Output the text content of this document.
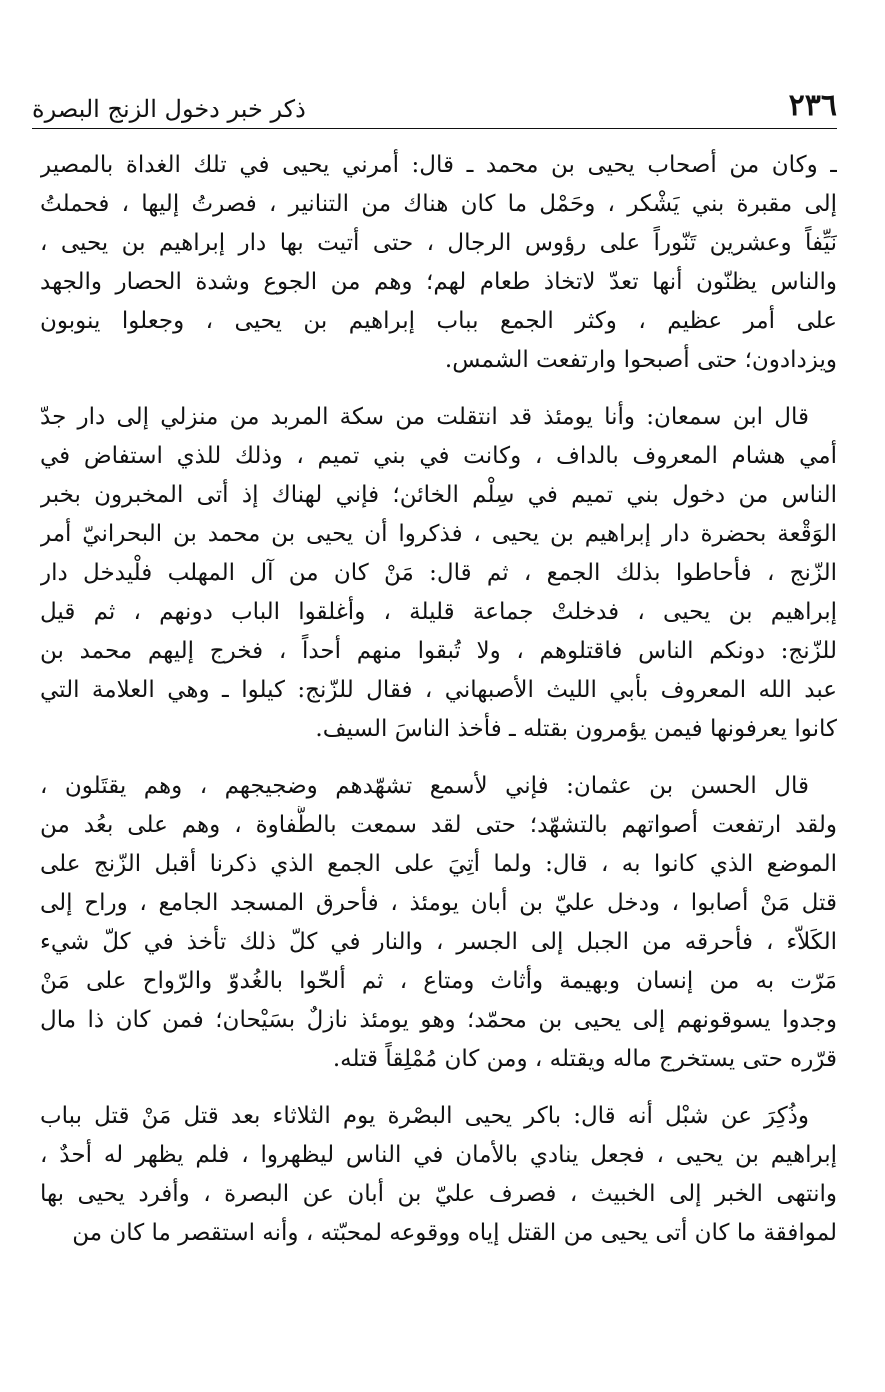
٢٣٦
ذكر خبر دخول الزنج البصرة
ـ وكان من أصحاب يحيى بن محمد ـ قال: أمرني يحيى في تلك الغداة بالمصير
إلى مقبرة بني يَشْكر ، وحَمْل ما كان هناك من التنانير ، فصرتُ إليها ، فحملتُ
نَيِّفاً وعشرين تَنّوراً على رؤوس الرجال ، حتى أتيت بها دار إبراهيم بن يحيى ،
والناس يظنّون أنها تعدّ لاتخاذ طعام لهم؛ وهم من الجوع وشدة الحصار والجهد
على أمر عظيم ، وكثر الجمع بباب إبراهيم بن يحيى ، وجعلوا ينوبون
ويزدادون؛ حتى أصبحوا وارتفعت الشمس.
قال ابن سمعان: وأنا يومئذ قد انتقلت من سكة المربد من منزلي إلى دار جدّ
أمي هشام المعروف بالداف ، وكانت في بني تميم ، وذلك للذي استفاض في
الناس من دخول بني تميم في سِلْم الخائن؛ فإني لهناك إذ أتى المخبرون بخبر
الوَقْعة بحضرة دار إبراهيم بن يحيى ، فذكروا أن يحيى بن محمد بن البحرانيّ أمر
الزّنج ، فأحاطوا بذلك الجمع ، ثم قال: مَنْ كان من آل المهلب فلْيدخل دار
إبراهيم بن يحيى ، فدخلتْ جماعة قليلة ، وأغلقوا الباب دونهم ، ثم قيل
للزّنج: دونكم الناس فاقتلوهم ، ولا تُبقوا منهم أحداً ، فخرج إليهم محمد بن
عبد الله المعروف بأبي الليث الأصبهاني ، فقال للزّنج: كيلوا ـ وهي العلامة التي
كانوا يعرفونها فيمن يؤمرون بقتله ـ فأخذ الناسَ السيف.
قال الحسن بن عثمان: فإني لأسمع تشهّدهم وضجيجهم ، وهم يقتَلون ،
ولقد ارتفعت أصواتهم بالتشهّد؛ حتى لقد سمعت بالطُّفاوة ، وهم على بعُد من
الموضع الذي كانوا به ، قال: ولما أتِيَ على الجمع الذي ذكرنا أقبل الزّنج على
قتل مَنْ أصابوا ، ودخل عليّ بن أبان يومئذ ، فأحرق المسجد الجامع ، وراح إلى
الكَلاّء ، فأحرقه من الجبل إلى الجسر ، والنار في كلّ ذلك تأخذ في كلّ شيء
مَرّت به من إنسان وبهيمة وأثاث ومتاع ، ثم ألحّوا بالغُدوّ والرّواح على مَنْ
وجدوا يسوقونهم إلى يحيى بن محمّد؛ وهو يومئذ نازلٌ بسَيْحان؛ فمن كان ذا مال
قرّره حتى يستخرج ماله ويقتله ، ومن كان مُمْلِقاً قتله.
وذُكِرَ عن شبْل أنه قال: باكر يحيى البصْرة يوم الثلاثاء بعد قتل مَنْ قتل بباب
إبراهيم بن يحيى ، فجعل ينادي بالأمان في الناس ليظهروا ، فلم يظهر له أحدٌ ،
وانتهى الخبر إلى الخبيث ، فصرف عليّ بن أبان عن البصرة ، وأفرد يحيى بها
لموافقة ما كان أتى يحيى من القتل إياه ووقوعه لمحبّته ، وأنه استقصر ما كان من
